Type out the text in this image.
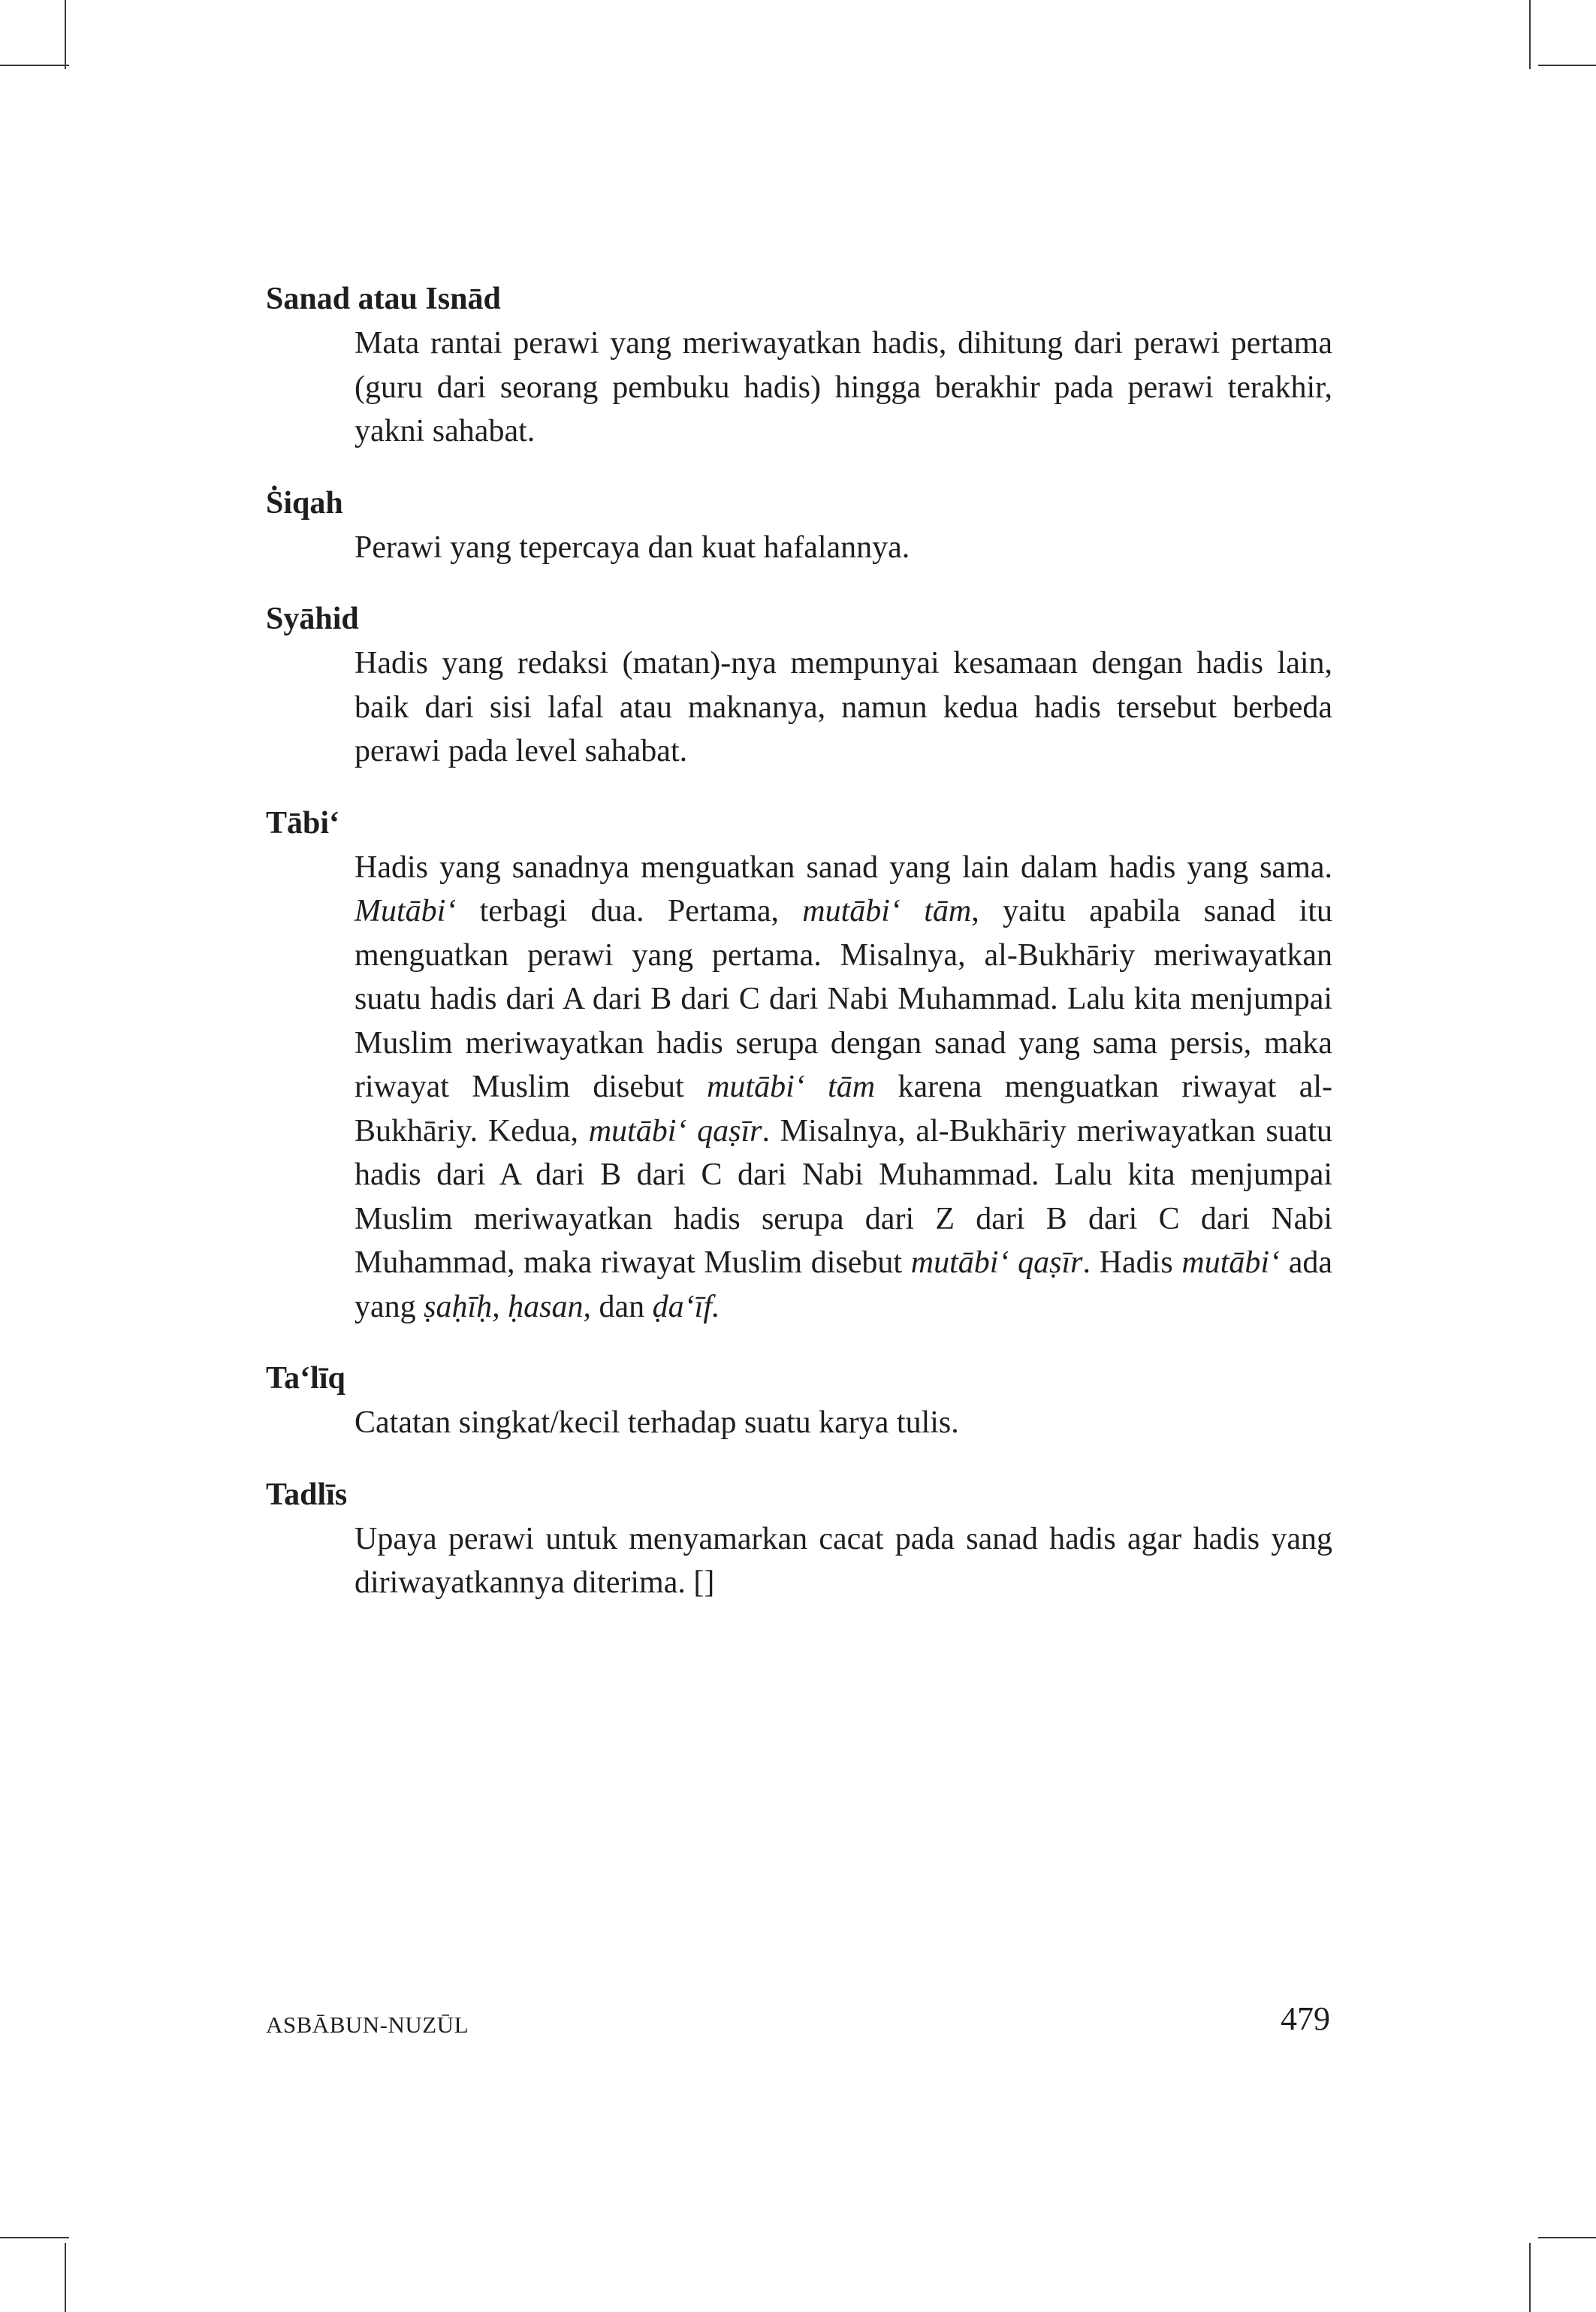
Sanad atau Isnād

Mata rantai perawi yang meriwayatkan hadis, dihitung dari perawi pertama (guru dari seorang pembuku hadis) hingga berakhir pada perawi terakhir, yakni sahabat.

Ṡiqah

Perawi yang tepercaya dan kuat hafalannya.

Syāhid

Hadis yang redaksi (matan)-nya mempunyai kesamaan dengan hadis lain, baik dari sisi lafal atau maknanya, namun kedua hadis tersebut berbeda perawi pada level sahabat.

Tābi‘

Hadis yang sanadnya menguatkan sanad yang lain dalam hadis yang sama. Mutābi‘ terbagi dua. Pertama, mutābi‘ tām, yaitu apabila sanad itu menguatkan perawi yang pertama. Misalnya, al-Bukhāriy meriwayatkan suatu hadis dari A dari B dari C dari Nabi Muhammad. Lalu kita menjumpai Muslim meriwayatkan hadis serupa dengan sanad yang sama persis, maka riwayat Muslim disebut mutābi‘ tām karena menguatkan riwayat al-Bukhāriy. Kedua, mutābi‘ qaṣīr. Misalnya, al-Bukhāriy meriwayatkan suatu hadis dari A dari B dari C dari Nabi Muhammad. Lalu kita menjumpai Muslim meriwayatkan hadis serupa dari Z dari B dari C dari Nabi Muhammad, maka riwayat Muslim disebut mutābi‘ qaṣīr. Hadis mutābi‘ ada yang ṣaḥīḥ, ḥasan, dan ḍa‘īf.

Ta‘līq

Catatan singkat/kecil terhadap suatu karya tulis.

Tadlīs

Upaya perawi untuk menyamarkan cacat pada sanad hadis agar hadis yang diriwayatkannya diterima. []

ASBĀBUN-NUZŪL	479
